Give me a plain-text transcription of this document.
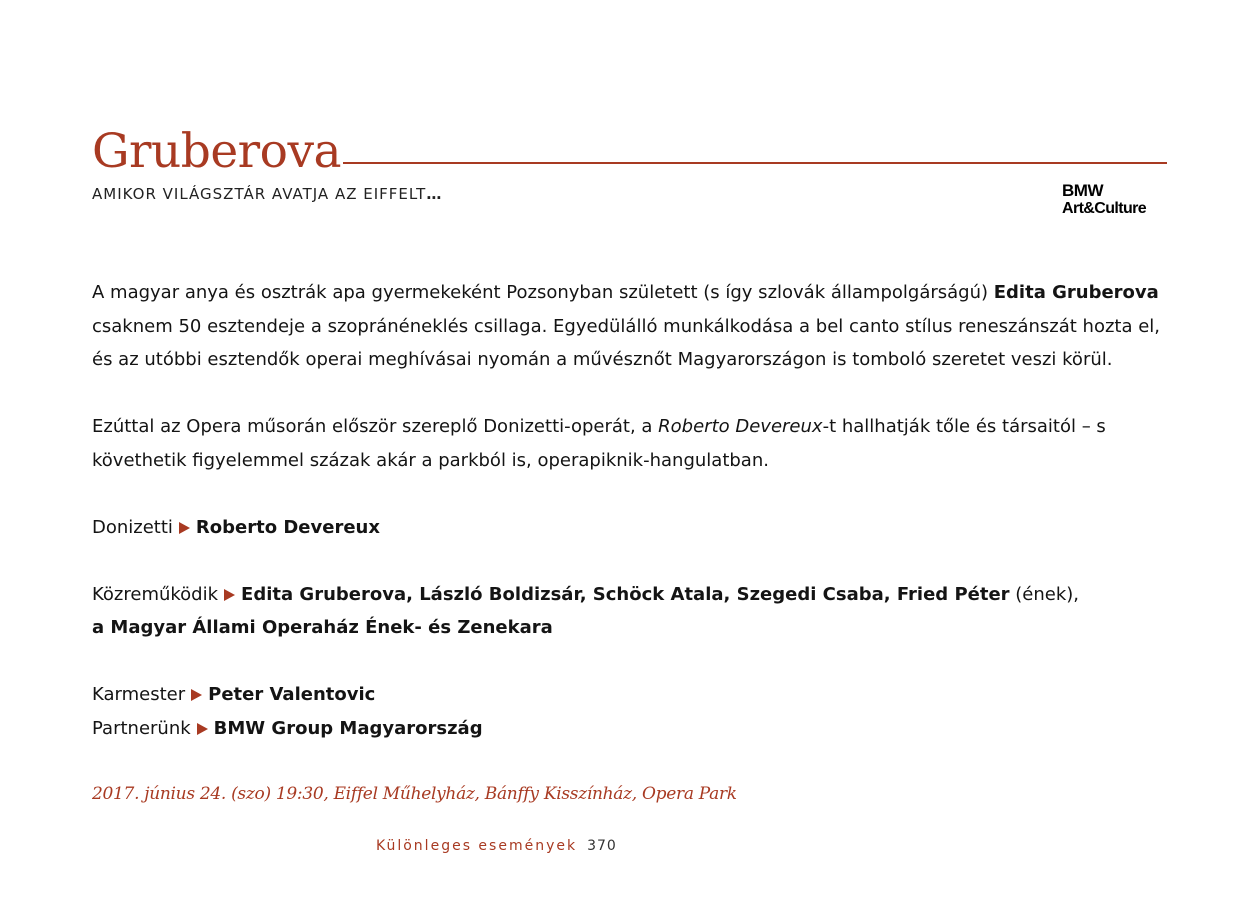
Gruberova
AMIKOR VILÁGSZTÁR AVATJA AZ EIFFELT…	BMW
Art&Culture

A magyar anya és osztrák apa gyermekeként Pozsonyban született (s így szlovák állampolgárságú) Edita Gruberova csaknem 50 esztendeje a szopránéneklés csillaga. Egyedülálló munkálkodása a bel canto stílus reneszánszát hozta el, és az utóbbi esztendők operai meghívásai nyomán a művésznőt Magyarországon is tomboló szeretet veszi körül.

Ezúttal az Opera műsorán először szereplő Donizetti-operát, a Roberto Devereux-t hallhatják tőle és társaitól – s követhetik figyelemmel százak akár a parkból is, operapiknik-hangulatban.

Donizetti Roberto Devereux

Közreműködik Edita Gruberova, László Boldizsár, Schöck Atala, Szegedi Csaba, Fried Péter (ének),

a Magyar Állami Operaház Ének- és Zenekara

Karmester Peter Valentovic

Partnerünk BMW Group Magyarország

2017. június 24. (szo) 19:30, Eiffel Műhelyház, Bánffy Kisszínház, Opera Park
Különleges események 370
